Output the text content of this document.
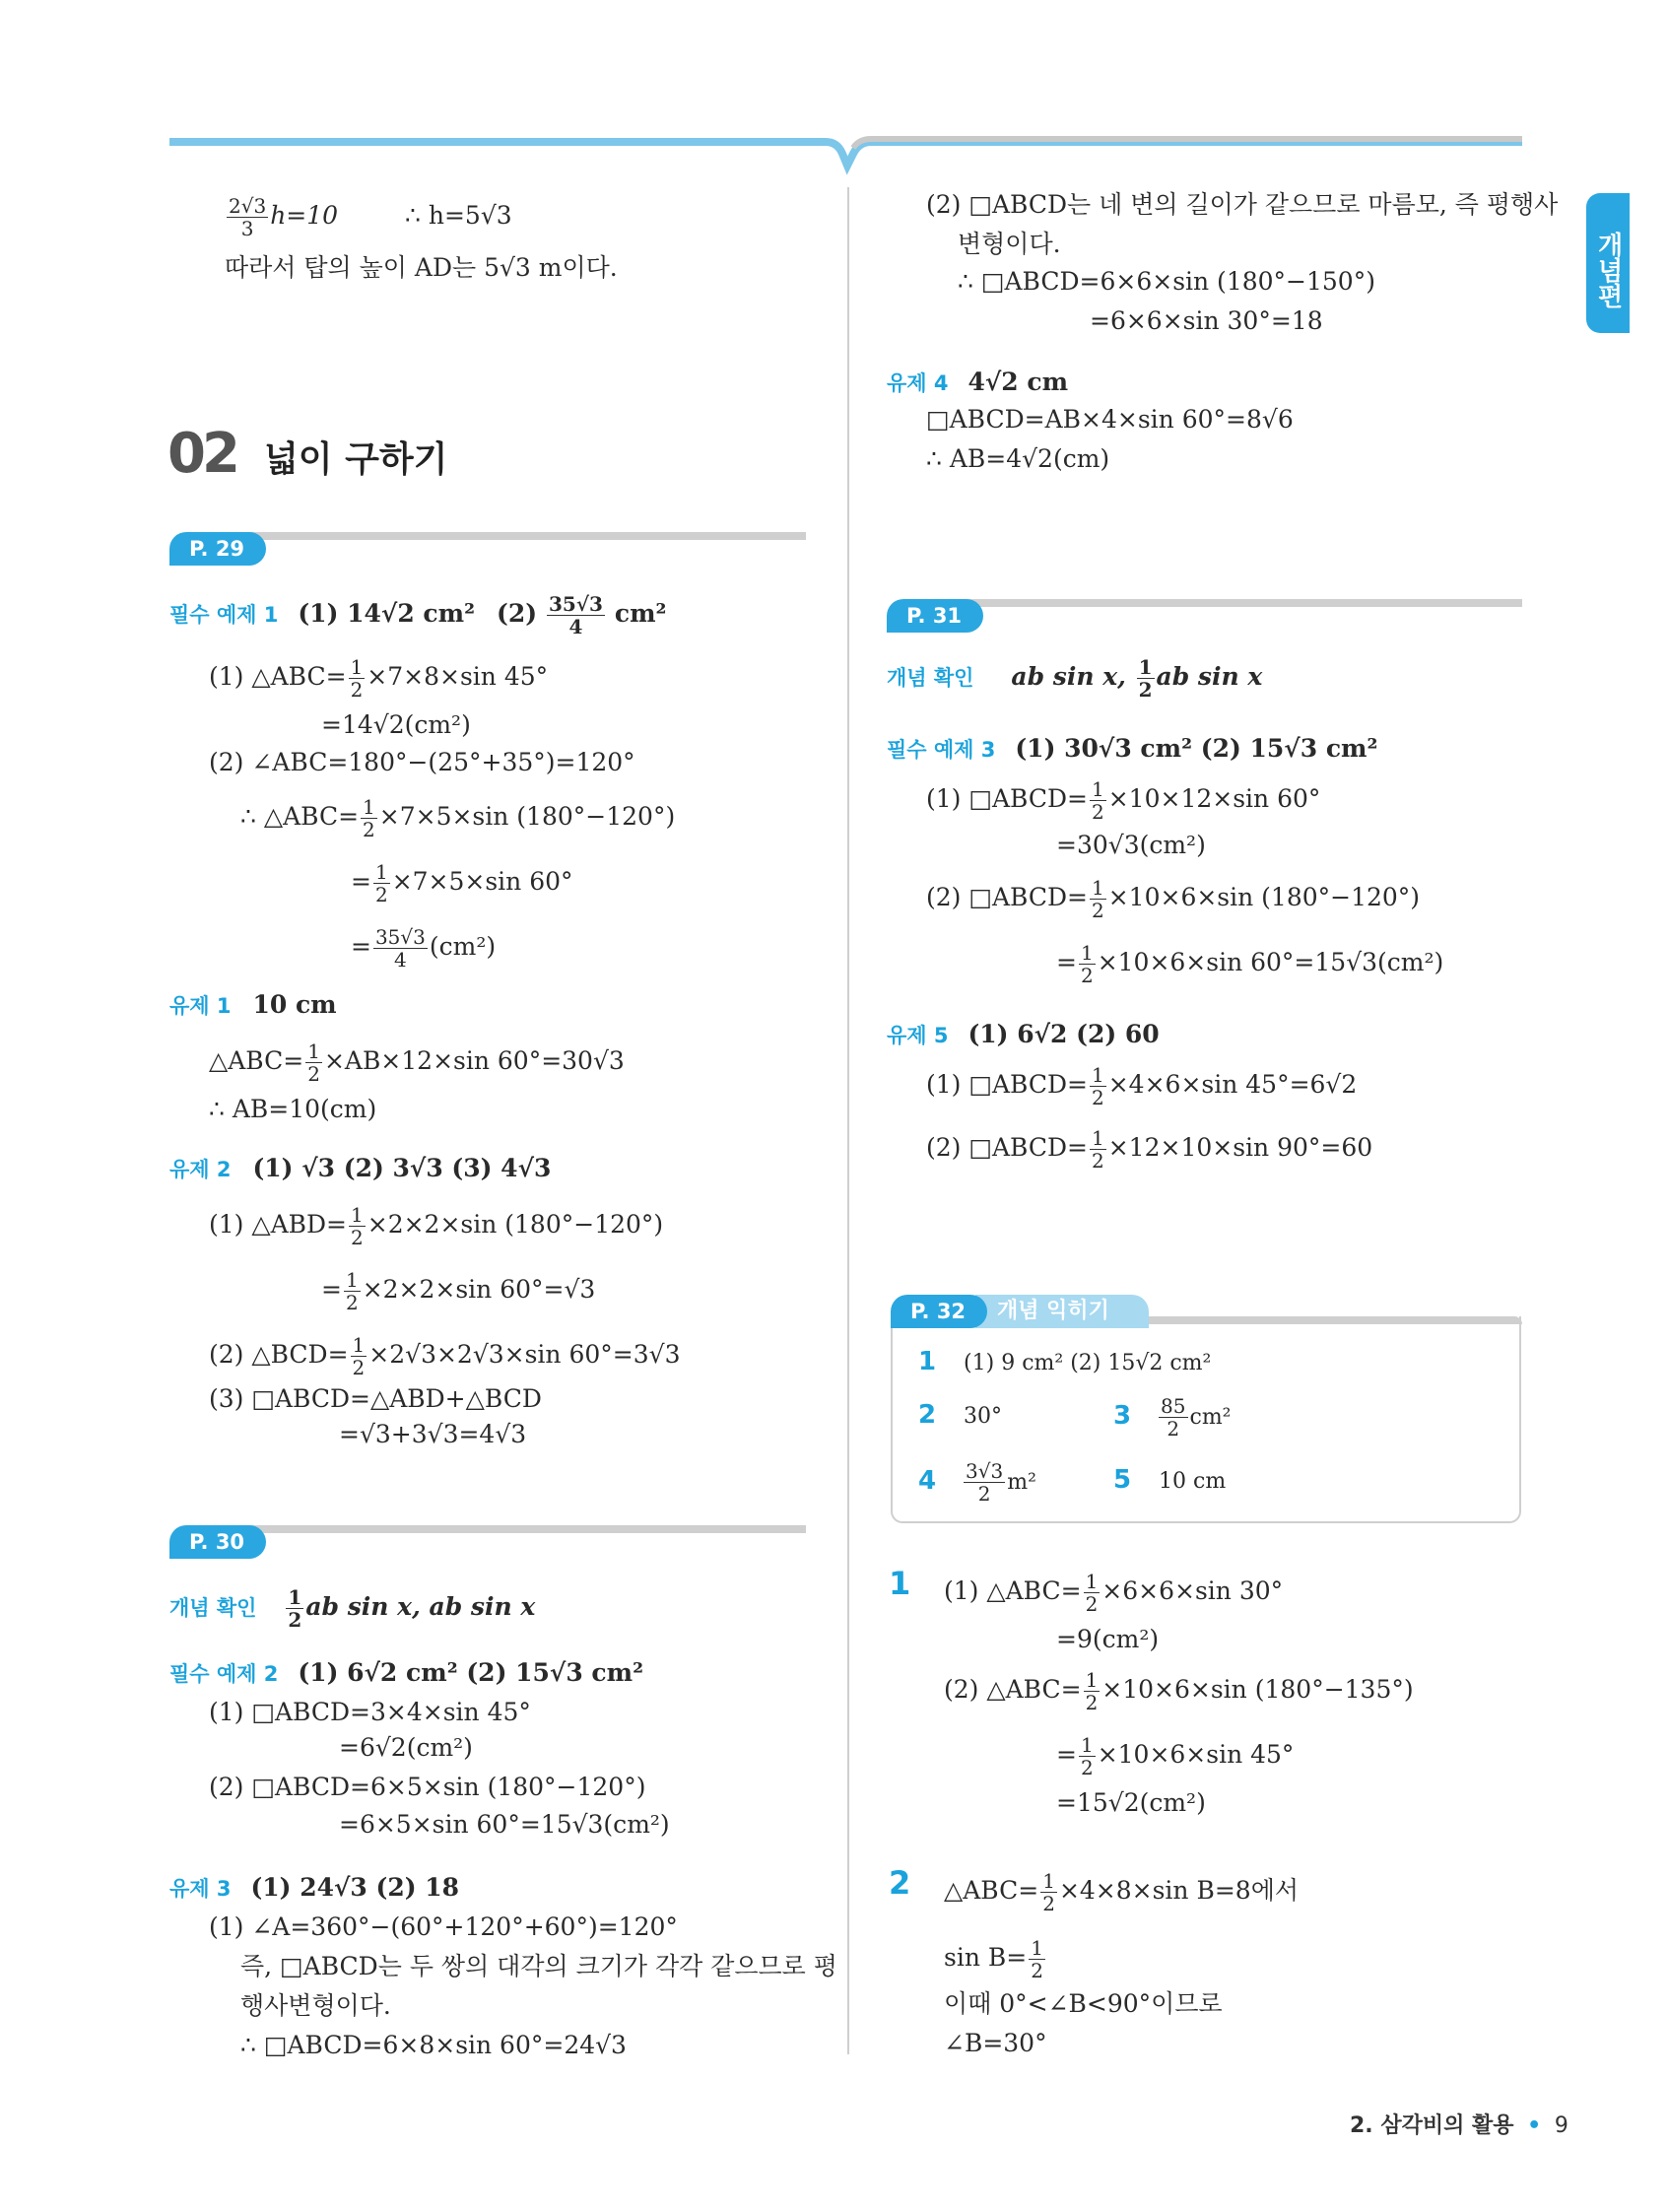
개념편
$\frac{2√3}{3} h=10$	∴ h=5√3
따라서 탑의 높이 AD는 5√3 m이다.
02 넓이 구하기
P. 29
필수 예제 1 (1) 14√2 cm² $(2) \frac{35√3}{4} cm^2$
(1) △ABC= $\frac{1}{2} \times 7\times 8\times\sin$ 45°
=14√2(cm²)
(2) ∠ABC=180°−(25°+35°)=120°
∴ △ABC= $\frac{1}{2} \times 7\times 5\times\sin$ (180°−120°)
= $\frac{1}{2} \times 7\times 5\times\sin$ 60°
= $\frac{35√3}{4} (cm^2)$
유제 1 10 cm
△ABC= $\frac{1}{2} \times AB\times 12\times\sin$ 60°=30√3
∴ AB=10(cm)
유제 2 (1) √3 (2) 3√3 (3) 4√3
(1) △ABD= $\frac{1}{2} \times 2\times 2\times\sin$ (180°−120°)
= $\frac{1}{2} \times 2\times 2\times\sin$ 60°=√3
(2) △BCD= $\frac{1}{2} \times 2√3\times 2√3\times\sin$ 60°=3√3
(3) □ABCD=△ABD+△BCD
=√3+3√3=4√3
P. 30
개념 확인 $\frac{1}{2}$ ab sin x, ab sin x
필수 예제 2 (1) 6√2 cm² (2) 15√3 cm²
(1) □ABCD=3×4×sin 45°
=6√2(cm²)
(2) □ABCD=6×5×sin (180°−120°)
=6×5×sin 60°=15√3(cm²)
유제 3 (1) 24√3 (2) 18
(1) ∠A=360°−(60°+120°+60°)=120°
즉, □ABCD는 두 쌍의 대각의 크기가 각각 같으므로 평
행사변형이다.
∴ □ABCD=6×8×sin 60°=24√3
(2) □ABCD는 네 변의 길이가 같으므로 마름모, 즉 평행사
변형이다.
∴ □ABCD=6×6×sin (180°−150°)
=6×6×sin 30°=18
유제 4 4√2 cm
□ABCD=AB×4×sin 60°=8√6
∴ AB=4√2(cm)
P. 31
개념 확인 ab sin x, $\frac{1}{2}$ ab sin x
필수 예제 3 (1) 30√3 cm² (2) 15√3 cm²
(1) □ABCD= $\frac{1}{2} \times 10\times 12\times\sin$ 60°
=30√3(cm²)
(2) □ABCD= $\frac{1}{2} \times 10\times 6\times\sin$ (180°−120°)
= $\frac{1}{2} \times 10\times 6\times\sin$ 60°=15√3(cm²)
유제 5 (1) 6√2 (2) 60
(1) □ABCD= $\frac{1}{2} \times 4\times 6\times\sin$ 45°=6√2
(2) □ABCD= $\frac{1}{2} \times 12\times 10\times\sin$ 90°=60
개념 익히기
P. 32
1 (1) 9 cm² (2) 15√2 cm²
2 30°	$3 \frac{85}{2} cm^2$
$4 \frac{3√3}{2} m^2$	5 10 cm
1 (1) △ABC= $\frac{1}{2} \times 6\times 6\times\sin$ 30°
=9(cm²)
(2) △ABC= $\frac{1}{2} \times 10\times 6\times\sin$ (180°−135°)
= $\frac{1}{2} \times 10\times 6\times\sin$ 45°
=15√2(cm²)
2 △ABC= $\frac{1}{2} \times 4\times 8\times\sin$ B=8에서
$\sin B= \frac{1}{2}$
이때 0°<∠B<90°이므로
∠B=30°
2. 삼각비의 활용 • 9
